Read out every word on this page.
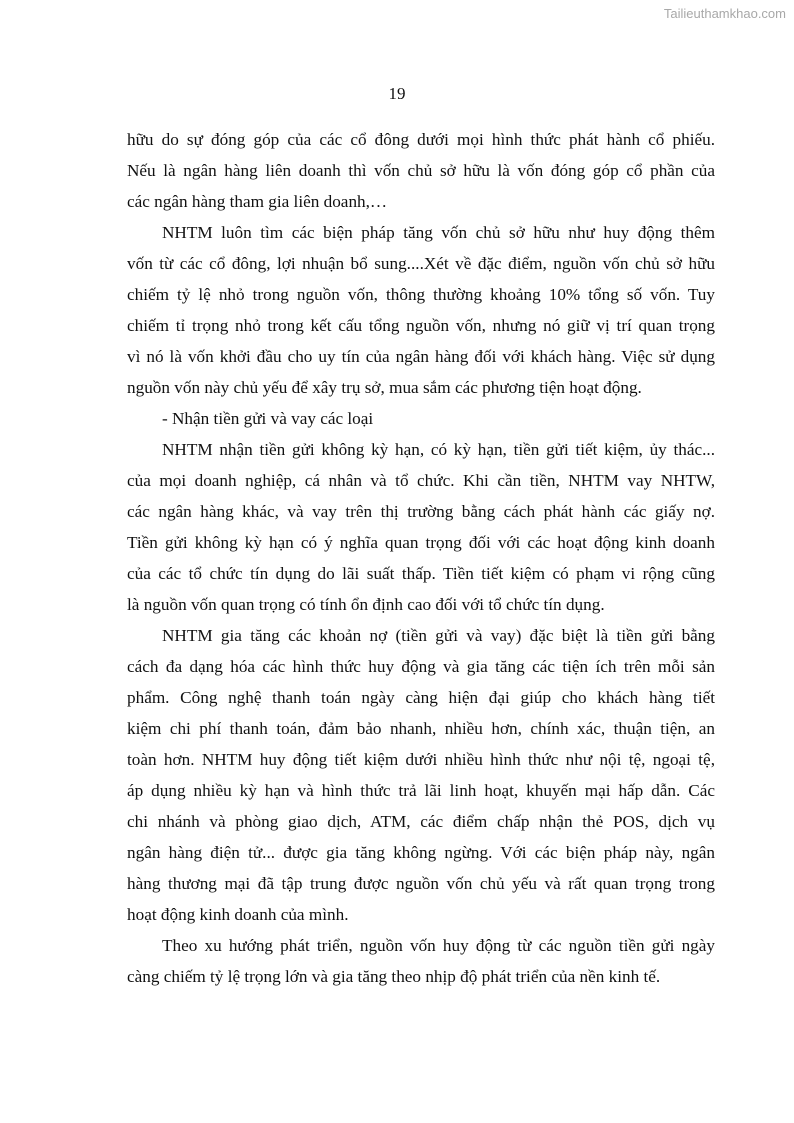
Tailieuthamkhao.com
19
hữu do sự đóng góp của các cổ đông dưới mọi hình thức phát hành cổ phiếu.
Nếu là ngân hàng liên doanh thì vốn chủ sở hữu là vốn đóng góp cổ phần của
các ngân hàng tham gia liên doanh,…
NHTM luôn tìm các biện pháp tăng vốn chủ sở hữu như huy động thêm
vốn từ các cổ đông, lợi nhuận bổ sung....Xét về đặc điểm, nguồn vốn chủ sở hữu
chiếm tỷ lệ nhỏ trong nguồn vốn, thông thường khoảng 10% tổng số vốn. Tuy
chiếm tỉ trọng nhỏ trong kết cấu tổng nguồn vốn, nhưng nó giữ vị trí quan trọng
vì nó là vốn khởi đầu cho uy tín của ngân hàng đối với khách hàng. Việc sử dụng
nguồn vốn này chủ yếu để xây trụ sở, mua sắm các phương tiện hoạt động.
- Nhận tiền gửi và vay các loại
NHTM nhận tiền gửi không kỳ hạn, có kỳ hạn, tiền gửi tiết kiệm, ủy thác...
của mọi doanh nghiệp, cá nhân và tổ chức. Khi cần tiền, NHTM vay NHTW,
các ngân hàng khác, và vay trên thị trường bằng cách phát hành các giấy nợ.
Tiền gửi không kỳ hạn có ý nghĩa quan trọng đối với các hoạt động kinh doanh
của các tổ chức tín dụng do lãi suất thấp. Tiền tiết kiệm có phạm vi rộng cũng
là nguồn vốn quan trọng có tính ổn định cao đối với tổ chức tín dụng.
NHTM gia tăng các khoản nợ (tiền gửi và vay) đặc biệt là tiền gửi bằng
cách đa dạng hóa các hình thức huy động và gia tăng các tiện ích trên mỗi sản
phẩm. Công nghệ thanh toán ngày càng hiện đại giúp cho khách hàng tiết
kiệm chi phí thanh toán, đảm bảo nhanh, nhiều hơn, chính xác, thuận tiện, an
toàn hơn. NHTM huy động tiết kiệm dưới nhiều hình thức như nội tệ, ngoại tệ,
áp dụng nhiều kỳ hạn và hình thức trả lãi linh hoạt, khuyến mại hấp dẫn. Các
chi nhánh và phòng giao dịch, ATM, các điểm chấp nhận thẻ POS, dịch vụ
ngân hàng điện tử... được gia tăng không ngừng. Với các biện pháp này, ngân
hàng thương mại đã tập trung được nguồn vốn chủ yếu và rất quan trọng trong
hoạt động kinh doanh của mình.
Theo xu hướng phát triển, nguồn vốn huy động từ các nguồn tiền gửi ngày
càng chiếm tỷ lệ trọng lớn và gia tăng theo nhịp độ phát triển của nền kinh tế.
